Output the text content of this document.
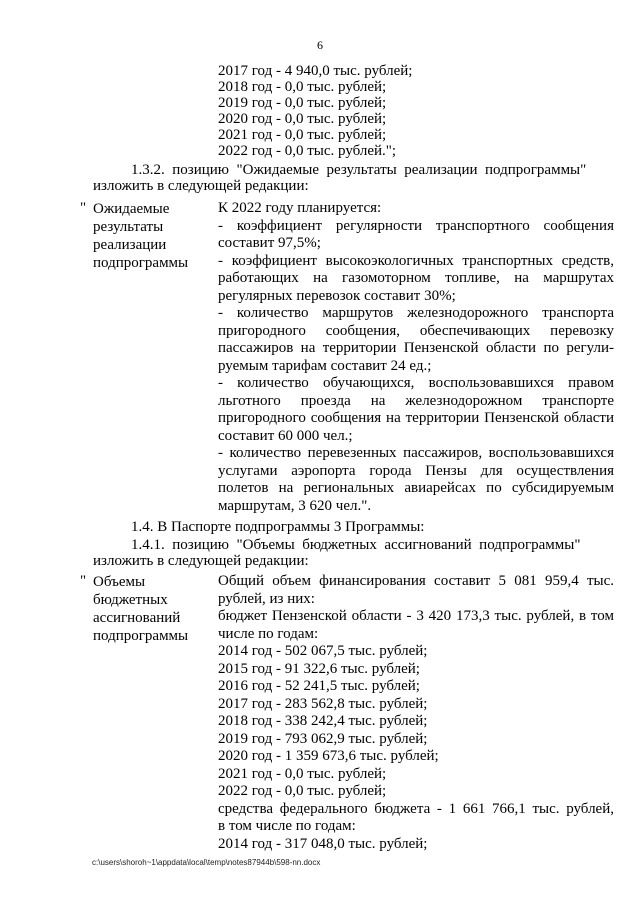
6
2017 год - 4 940,0 тыс. рублей;
2018 год - 0,0 тыс. рублей;
2019 год - 0,0 тыс. рублей;
2020 год - 0,0 тыс. рублей;
2021 год - 0,0 тыс. рублей;
2022 год - 0,0 тыс. рублей.";
1.3.2.  позицию  "Ожидаемые  результаты  реализации  подпрограммы"
изложить в следующей редакции:
" Ожидаемые
результаты
реализации
подпрограммы
К 2022 году планируется:
- коэффициент регулярности транспортного сообщения
составит 97,5%;
- коэффициент высокоэкологичных транспортных средств,
работающих на газомоторном топливе, на маршрутах
регулярных перевозок составит 30%;
- количество маршрутов железнодорожного транспорта
пригородного сообщения, обеспечивающих перевозку
пассажиров на территории Пензенской области по регули-
руемым тарифам составит 24 ед.;
- количество обучающихся, воспользовавшихся правом
льготного проезда на железнодорожном транспорте
пригородного сообщения на территории Пензенской области
составит 60 000 чел.;
- количество перевезенных пассажиров, воспользовавшихся
услугами аэропорта города Пензы для осуществления
полетов на региональных авиарейсах по субсидируемым
маршрутам, 3 620 чел.".
1.4. В Паспорте подпрограммы 3 Программы:
1.4.1.  позицию  "Объемы  бюджетных  ассигнований  подпрограммы"
изложить в следующей редакции:
" Объемы
бюджетных
ассигнований
подпрограммы
Общий объем финансирования составит 5 081 959,4 тыс.
рублей, из них:
бюджет Пензенской области - 3 420 173,3 тыс. рублей, в том
числе по годам:
2014 год - 502 067,5 тыс. рублей;
2015 год - 91 322,6 тыс. рублей;
2016 год - 52 241,5 тыс. рублей;
2017 год - 283 562,8 тыс. рублей;
2018 год - 338 242,4 тыс. рублей;
2019 год - 793 062,9 тыс. рублей;
2020 год - 1 359 673,6 тыс. рублей;
2021 год - 0,0 тыс. рублей;
2022 год - 0,0 тыс. рублей;
средства федерального бюджета - 1 661 766,1 тыс. рублей,
в том числе по годам:
2014 год - 317 048,0 тыс. рублей;
c:\users\shoroh~1\appdata\local\temp\notes87944b\598-nn.docx
